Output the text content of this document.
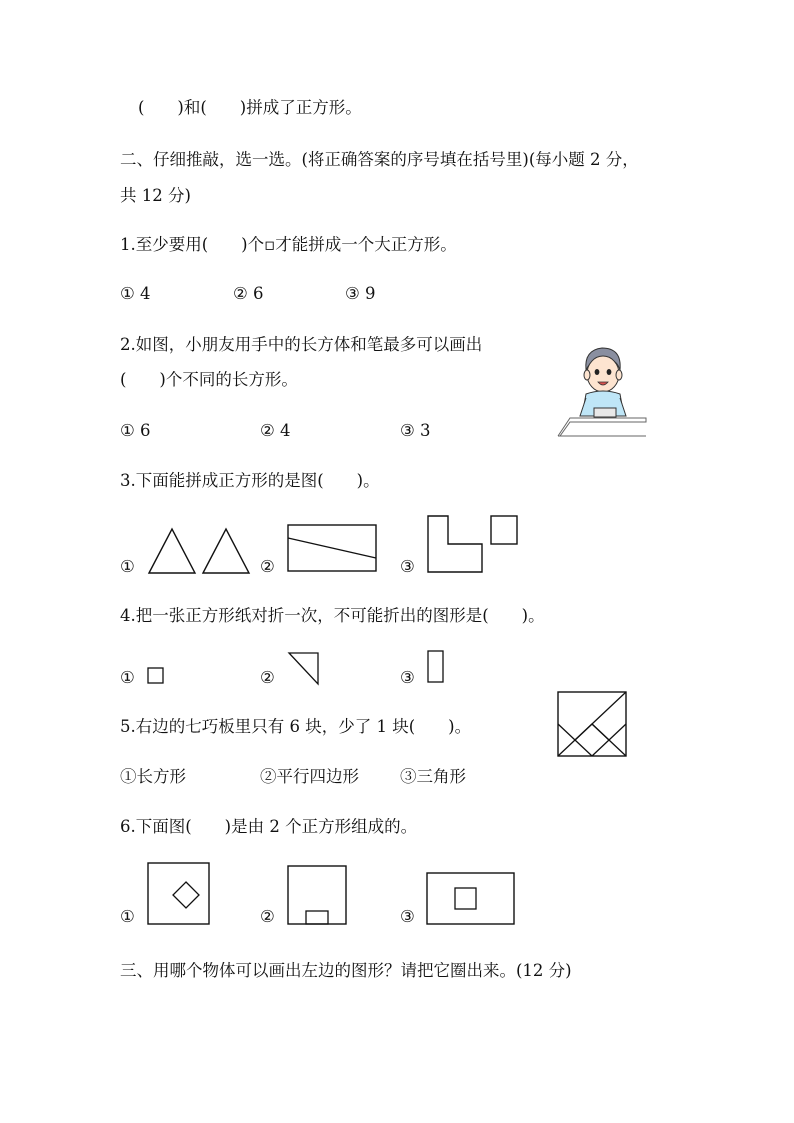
(　　)和(　　)拼成了正方形。
二、仔细推敲，选一选。(将正确答案的序号填在括号里)(每小题 2 分，
共 12 分)
1.至少要用(　　)个▫才能拼成一个大正方形。
① 4	② 6	③ 9
2.如图，小朋友用手中的长方体和笔最多可以画出
(　　)个不同的长方形。
① 6	② 4	③ 3
3.下面能拼成正方形的是图(　　)。
①	②	③
4.把一张正方形纸对折一次，不可能折出的图形是(　　)。
①	②	③
5.右边的七巧板里只有 6 块，少了 1 块(　　)。
①长方形	②平行四边形 ③三角形
6.下面图(　　)是由 2 个正方形组成的。
①	②	③
三、用哪个物体可以画出左边的图形？请把它圈出来。(12 分)
